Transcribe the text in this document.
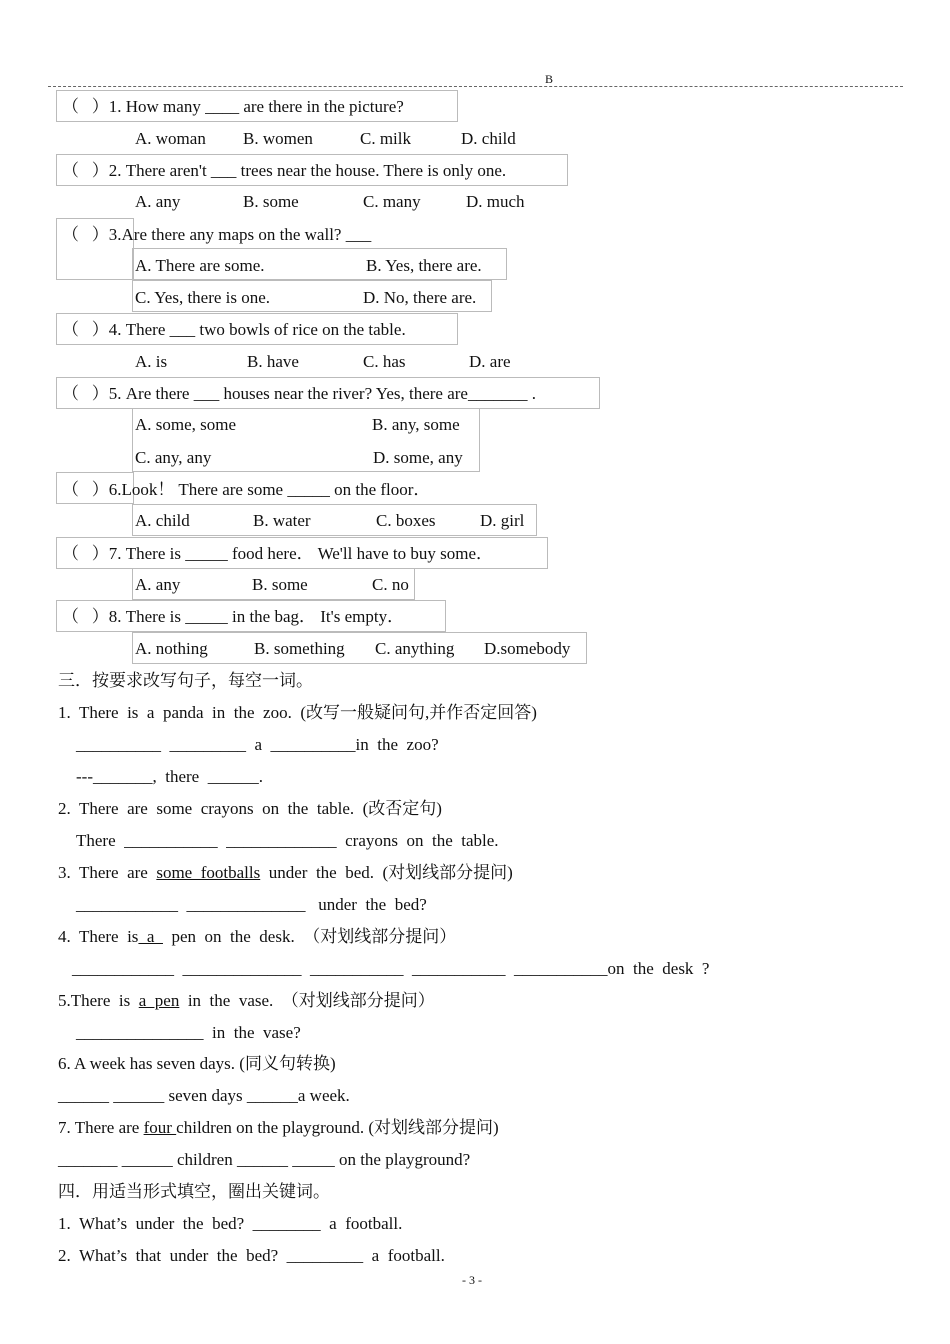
B
（   ）1. How many ____ are there in the picture?
A. woman B. women	C. milk	D. child
（   ）2. There aren't ___ trees near the house. There is only one.
A. any	B. some	C. many	D. much
（   ）3.Are there any maps on the wall? ___
A. There are some.	B. Yes, there are.
C. Yes, there is one.	D. No, there are.
（   ）4. There ___ two bowls of rice on the table.
A. is	B. have	C. has	D. are
（   ）5. Are there ___ houses near the river? Yes, there are_______ .
A. some, some	B. any, some
C. any, any	D. some, any
（   ）6.Look！ There are some _____ on the floor．
A. child	B. water	C. boxes	D. girl
（   ）7. There is _____ food here． We'll have to buy some．
A. any	B. some	C. no
（   ）8. There is _____ in the bag． It's empty．
A. nothing	B. something C. anything D.somebody
三．按要求改写句子，每空一词。
1.  There  is  a  panda  in  the  zoo.  (改写一般疑问句,并作否定回答)
__________  _________  a  __________in  the  zoo?
---_______,  there  ______.
2.  There  are  some  crayons  on  the  table.  (改否定句)
There  ___________  _____________  crayons  on  the  table.
3.  There  are  some  footballs  under  the  bed.  (对划线部分提问)
____________  ______________   under  the  bed?
4.  There  is  a    pen  on  the  desk.  （对划线部分提问）
____________  ______________  ___________  ___________  ___________on  the  desk  ?
5.There  is  a  pen  in  the  vase.  （对划线部分提问）
_______________  in  the  vase?
6. A week has seven days. (同义句转换)
______ ______ seven days ______a week.
7. There are four children on the playground. (对划线部分提问)
_______ ______ children ______ _____ on the playground?
四．用适当形式填空，圈出关键词。
1.  What’s  under  the  bed?  ________  a  football.
2.  What’s  that  under  the  bed?  _________  a  football.
- 3 -
